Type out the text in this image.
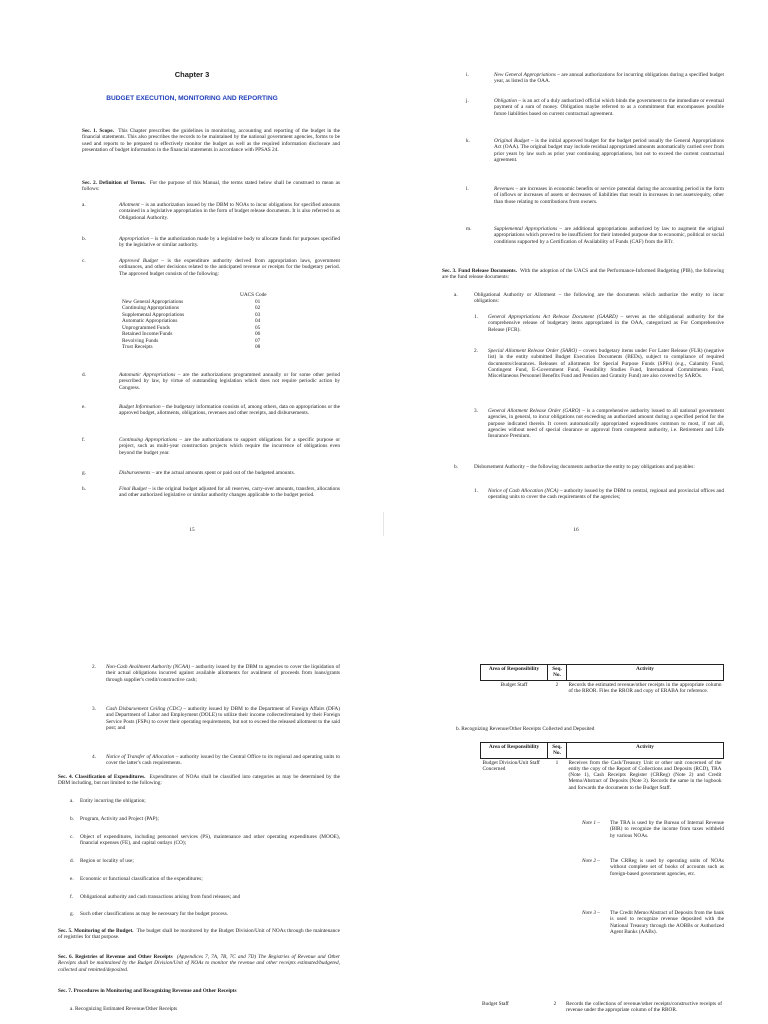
Chapter 3
BUDGET EXECUTION, MONITORING AND REPORTING
Sec. 1. Scope. This Chapter prescribes the guidelines in monitoring, accounting and reporting of the budget in the financial statements. This also prescribes the records to be maintained by the national government agencies, forms to be used and reports to be prepared to effectively monitor the budget as well as the required information disclosure and presentation of budget information in the financial statements in accordance with PPSAS 24.
Sec. 2. Definition of Terms. For the purpose of this Manual, the terms stated below shall be construed to mean as follows:
a.	Allotment – is an authorization issued by the DBM to NOAs to incur obligations for specified amounts contained in a legislative appropriation in the form of budget release documents. It is also referred to as Obligational Authority.
b.	Appropriation – is the authorization made by a legislative body to allocate funds for purposes specified by the legislative or similar authority.
c.	Approved Budget – is the expenditure authority derived from appropriation laws, government ordinances, and other decisions related to the anticipated revenue or receipts for the budgetary period. The approved budget consists of the following:
UACS Code
New General Appropriations	01
Continuing Appropriations	02
Supplemental Appropriations	03
Automatic Appropriations	04
Unprogrammed Funds	05
Retained Income/Funds	06
Revolving Funds	07
Trust Receipts	08
d.	Automatic Appropriations – are the authorizations programmed annually or for some other period prescribed by law, by virtue of outstanding legislation which does not require periodic action by Congress.
e.	Budget Information – the budgetary information consists of, among others, data on appropriations or the approved budget, allotments, obligations, revenues and other receipts, and disbursements.
f.	Continuing Appropriations – are the authorizations to support obligations for a specific purpose or project, such as multi-year construction projects which require the incurrence of obligations even beyond the budget year.
g.	Disbursements – are the actual amounts spent or paid out of the budgeted amounts.
h.	Final Budget – is the original budget adjusted for all reserves, carry-over amounts, transfers, allocations and other authorized legislative or similar authority changes applicable to the budget period.
i.	New General Appropriations – are annual authorizations for incurring obligations during a specified budget year, as listed in the OAA.
j.	Obligation – is an act of a duly authorized official which binds the government to the immediate or eventual payment of a sum of money. Obligation maybe referred to as a commitment that encompasses possible future liabilities based on current contractual agreement.
k.	Original Budget – is the initial approved budget for the budget period usually the General Appropriations Act (OAA). The original budget may include residual appropriated amounts automatically carried over from prior years by law such as prior year continuing appropriations, but not to exceed the current contractual agreement.
l.	Revenues – are increases in economic benefits or service potential during the accounting period in the form of inflows or increases of assets or decreases of liabilities that result in increases in net assets/equity, other than those relating to contributions from owners.
m.	Supplemental Appropriations – are additional appropriations authorized by law to augment the original appropriations which proved to be insufficient for their intended purpose due to economic, political or social conditions supported by a Certification of Availability of Funds (CAF) from the BTr.
Sec. 3. Fund Release Documents. With the adoption of the UACS and the Performance-Informed Budgeting (PIB), the following are the fund release documents:
a.	Obligational Authority or Allotment – the following are the documents which authorize the entity to incur obligations:
1. General Appropriations Act Release Document (GAARD) – serves as the obligational authority for the comprehensive release of budgetary items appropriated in the OAA, categorized as For Comprehensive Release (FCR).
2. Special Allotment Release Order (SARO) – covers budgetary items under For Later Release (FLR) (negative list) in the entity submitted Budget Execution Documents (BEDs), subject to compliance of required documents/clearances. Releases of allotments for Special Purpose Funds (SPFs) (e.g., Calamity Fund, Contingent Fund, E-Government Fund, Feasibility Studies Fund, International Commitments Fund, Miscellaneous Personnel Benefits Fund and Pension and Gratuity Fund) are also covered by SAROs.
3. General Allotment Release Order (GARO) – is a comprehensive authority issued to all national government agencies, in general, to incur obligations not exceeding an authorized amount during a specified period for the purpose indicated therein. It covers automatically appropriated expenditures common to most, if not all, agencies without need of special clearance or approval from competent authority, i.e. Retirement and Life Insurance Premium.
b.	Disbursement Authority – the following documents authorize the entity to pay obligations and payables:
1. Notice of Cash Allocation (NCA) – authority issued by the DBM to central, regional and provincial offices and operating units to cover the cash requirements of the agencies;
15	16
2. Non-Cash Availment Authority (NCAA) – authority issued by the DBM to agencies to cover the liquidation of their actual obligations incurred against available allotments for availment of proceeds from loans/grants through supplier's credit/constructive cash;
3. Cash Disbursement Ceiling (CDC) – authority issued by DBM to the Department of Foreign Affairs (DFA) and Department of Labor and Employment (DOLE) to utilize their income collected/retained by their Foreign Service Posts (FSPs) to cover their operating requirements, but not to exceed the released allotment to the said post; and
4. Notice of Transfer of Allocation – authority issued by the Central Office to its regional and operating units to cover the latter's cash requirements.
Sec. 4. Classification of Expenditures. Expenditures of NOAs shall be classified into categories as may be determined by the DBM including, but not limited to the following:
a. Entity incurring the obligation;
b. Program, Activity and Project (PAP);
c. Object of expenditures, including personnel services (PS), maintenance and other operating expenditures (MOOE), financial expenses (FE), and capital outlays (CO);
d. Region or locality of use;
e. Economic or functional classification of the expenditures;
f. Obligational authority and cash transactions arising from fund releases; and
g. Such other classifications as may be necessary for the budget process.
Sec. 5. Monitoring of the Budget. The budget shall be monitored by the Budget Division/Unit of NOAs through the maintenance of registries for that purpose.
Sec. 6. Registries of Revenue and Other Receipts (Appendices 7, 7A, 7B, 7C and 7D) The Registries of Revenue and Other Receipts shall be maintained by the Budget Division/Unit of NOAs to monitor the revenue and other receipts estimated/budgeted, collected and remitted/deposited.
Sec. 7. Procedures in Monitoring and Recognizing Revenue and Other Receipts
a. Recognizing Estimated Revenue/Other Receipts
Area of Responsibility	Seq. No.	Activity
Budget Staff	2	Records the estimated revenue/other receipts in the appropriate column of the RROR. Files the RROR and copy of ERABA for reference.
b. Recognizing Revenue/Other Receipts Collected and Deposited
Area of Responsibility	Seq. No.	Activity
Budget Division/Unit Staff Concerned	1	Receives from the Cash/Treasury Unit or other unit concerned of the entity the copy of the Report of Collections and Deposits (RCD), TRA (Note 1), Cash Receipts Register (CRReg) (Note 2) and Credit Memo/Abstract of Deposits (Note 3). Records the same in the logbook and forwards the documents to the Budget Staff.
Note 1 – The TRA is used by the Bureau of Internal Revenue (BIR) to recognize the income from taxes withheld by various NOAs.
Note 2 – The CRReg is used by operating units of NOAs without complete set of books of accounts such as foreign-based government agencies, etc.
Note 3 – The Credit Memo/Abstract of Deposits from the bank is used to recognize revenue deposited with the National Treasury through the AOBBs or Authorized Agent Banks (AABs).
Budget Staff	2	Records the collections of revenue/other receipts/constructive receipts of revenue under the appropriate column of the RROR.
